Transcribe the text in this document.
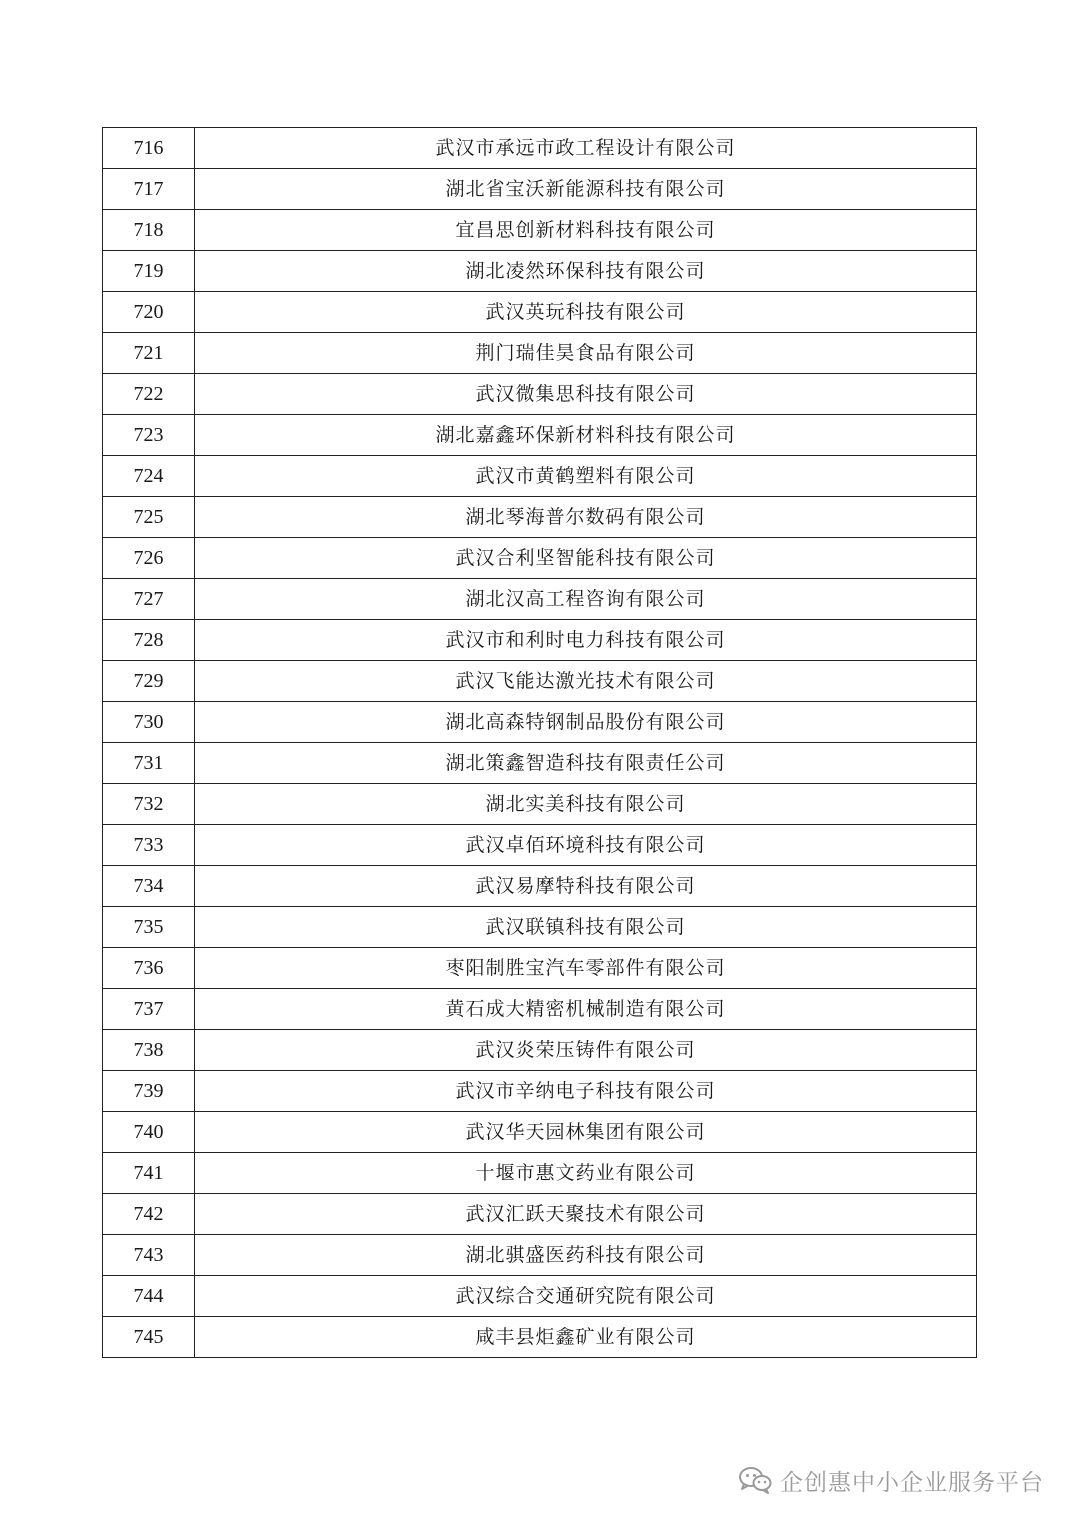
716	武汉市承远市政工程设计有限公司
717	湖北省宝沃新能源科技有限公司
718	宜昌思创新材料科技有限公司
719	湖北凌然环保科技有限公司
720	武汉英玩科技有限公司
721	荆门瑞佳昊食品有限公司
722	武汉微集思科技有限公司
723	湖北嘉鑫环保新材料科技有限公司
724	武汉市黄鹤塑料有限公司
725	湖北琴海普尔数码有限公司
726	武汉合利坚智能科技有限公司
727	湖北汉高工程咨询有限公司
728	武汉市和利时电力科技有限公司
729	武汉飞能达激光技术有限公司
730	湖北高森特钢制品股份有限公司
731	湖北策鑫智造科技有限责任公司
732	湖北实美科技有限公司
733	武汉卓佰环境科技有限公司
734	武汉易摩特科技有限公司
735	武汉联镇科技有限公司
736	枣阳制胜宝汽车零部件有限公司
737	黄石成大精密机械制造有限公司
738	武汉炎荣压铸件有限公司
739	武汉市辛纳电子科技有限公司
740	武汉华天园林集团有限公司
741	十堰市惠文药业有限公司
742	武汉汇跃天聚技术有限公司
743	湖北骐盛医药科技有限公司
744	武汉综合交通研究院有限公司
745	咸丰县炬鑫矿业有限公司
企创惠中小企业服务平台
